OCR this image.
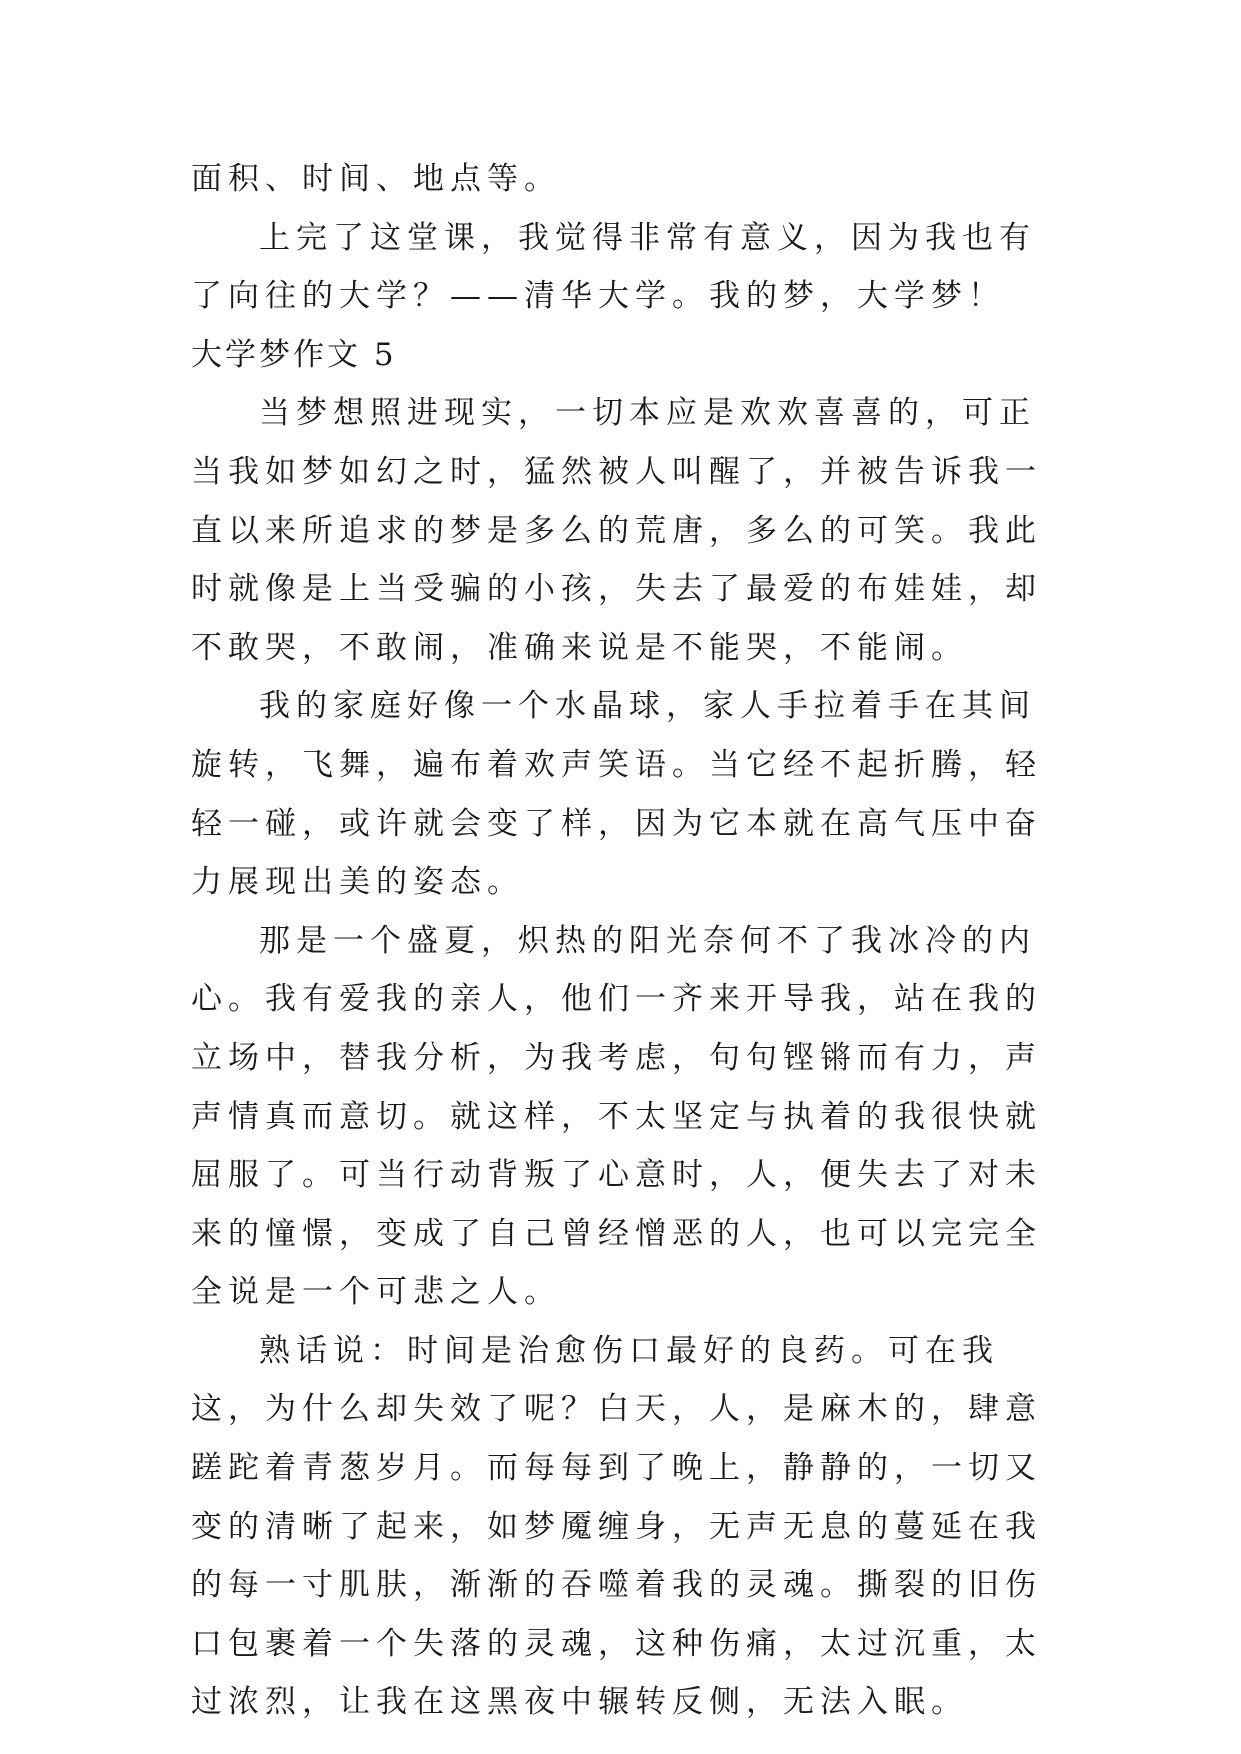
面积、时间、地点等。

上完了这堂课，我觉得非常有意义，因为我也有了向往的大学？——清华大学。我的梦，大学梦！

大学梦作文 5

当梦想照进现实，一切本应是欢欢喜喜的，可正当我如梦如幻之时，猛然被人叫醒了，并被告诉我一直以来所追求的梦是多么的荒唐，多么的可笑。我此时就像是上当受骗的小孩，失去了最爱的布娃娃，却不敢哭，不敢闹，准确来说是不能哭，不能闹。

我的家庭好像一个水晶球，家人手拉着手在其间旋转，飞舞，遍布着欢声笑语。当它经不起折腾，轻轻一碰，或许就会变了样，因为它本就在高气压中奋力展现出美的姿态。

那是一个盛夏，炽热的阳光奈何不了我冰冷的内心。我有爱我的亲人，他们一齐来开导我，站在我的立场中，替我分析，为我考虑，句句铿锵而有力，声声情真而意切。就这样，不太坚定与执着的我很快就屈服了。可当行动背叛了心意时，人，便失去了对未来的憧憬，变成了自己曾经憎恶的人，也可以完完全全说是一个可悲之人。

熟话说：时间是治愈伤口最好的良药。可在我这，为什么却失效了呢？白天，人，是麻木的，肆意蹉跎着青葱岁月。而每每到了晚上，静静的，一切又变的清晰了起来，如梦魇缠身，无声无息的蔓延在我的每一寸肌肤，渐渐的吞噬着我的灵魂。撕裂的旧伤口包裹着一个失落的灵魂，这种伤痛，太过沉重，太过浓烈，让我在这黑夜中辗转反侧，无法入眠。
